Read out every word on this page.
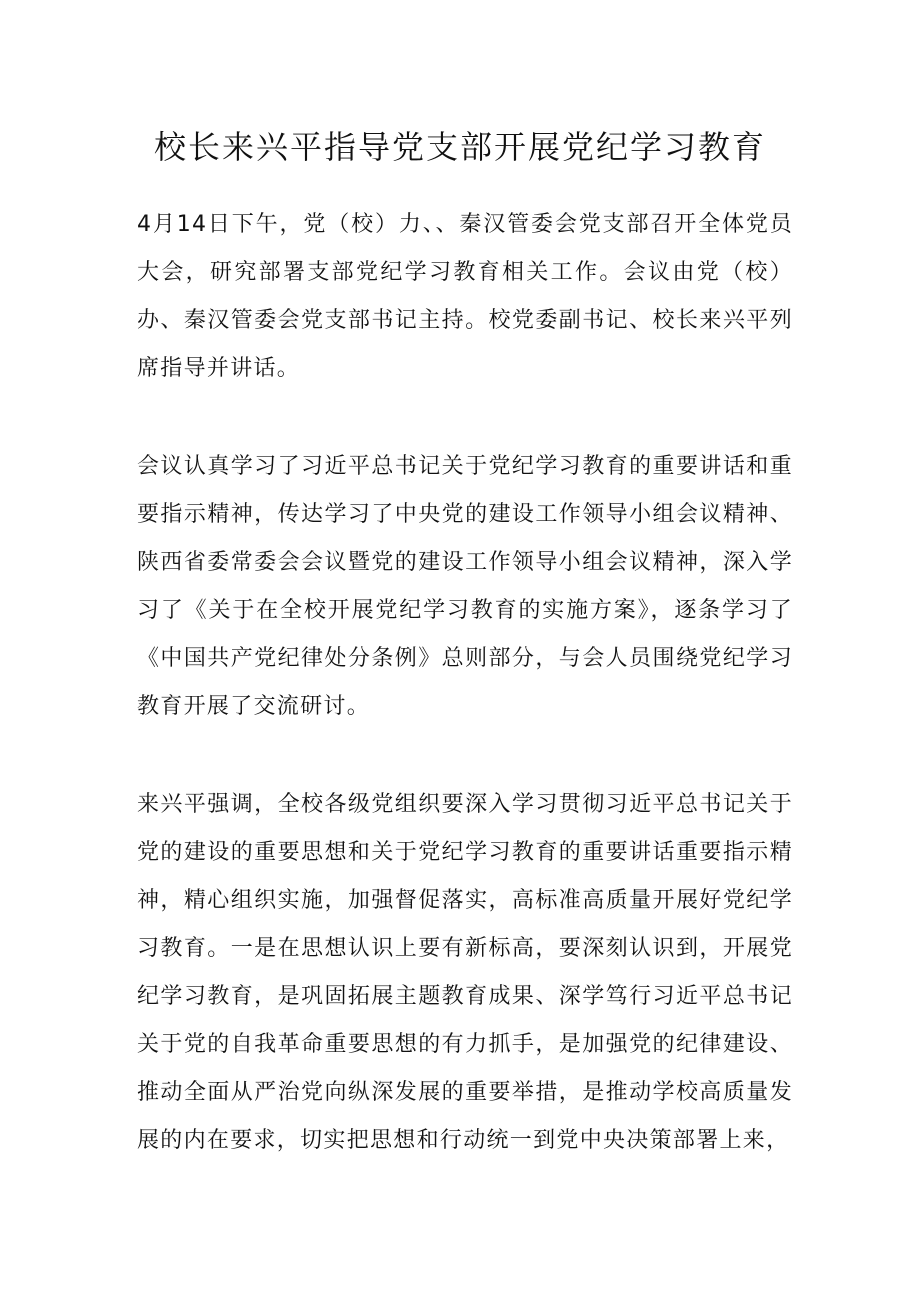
校长来兴平指导党支部开展党纪学习教育

4月14日下午，党（校）力、、秦汉管委会党支部召开全体党员大会，研究部署支部党纪学习教育相关工作。会议由党（校）办、秦汉管委会党支部书记主持。校党委副书记、校长来兴平列席指导并讲话。

会议认真学习了习近平总书记关于党纪学习教育的重要讲话和重要指示精神，传达学习了中央党的建设工作领导小组会议精神、陕西省委常委会会议暨党的建设工作领导小组会议精神，深入学习了《关于在全校开展党纪学习教育的实施方案》，逐条学习了《中国共产党纪律处分条例》总则部分，与会人员围绕党纪学习教育开展了交流研讨。

来兴平强调，全校各级党组织要深入学习贯彻习近平总书记关于党的建设的重要思想和关于党纪学习教育的重要讲话重要指示精神，精心组织实施，加强督促落实，高标准高质量开展好党纪学习教育。一是在思想认识上要有新标高，要深刻认识到，开展党纪学习教育，是巩固拓展主题教育成果、深学笃行习近平总书记关于党的自我革命重要思想的有力抓手，是加强党的纪律建设、推动全面从严治党向纵深发展的重要举措，是推动学校高质量发展的内在要求，切实把思想和行动统一到党中央决策部署上来，
